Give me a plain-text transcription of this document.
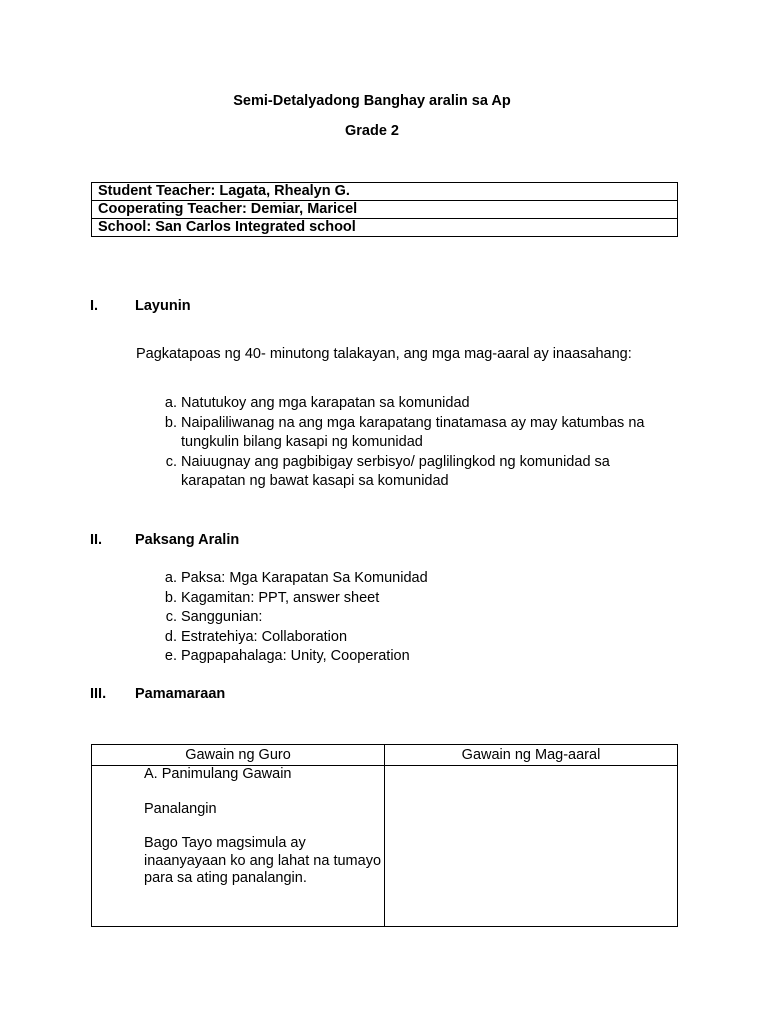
Semi-Detalyadong Banghay aralin sa Ap
Grade 2
Student Teacher: Lagata, Rhealyn G.
Cooperating Teacher: Demiar, Maricel
School: San Carlos Integrated school
I.	Layunin
Pagkatapoas ng 40- minutong talakayan, ang mga mag-aaral ay inaasahang:
a. Natutukoy ang mga karapatan sa komunidad
b. Naipaliliwanag na ang mga karapatang tinatamasa ay may katumbas na tungkulin bilang kasapi ng komunidad
c. Naiuugnay ang pagbibigay serbisyo/ paglilingkod ng komunidad sa karapatan ng bawat kasapi sa komunidad
II. Paksang Aralin
a. Paksa: Mga Karapatan Sa Komunidad
b. Kagamitan: PPT, answer sheet
c. Sanggunian:
d. Estratehiya: Collaboration
e. Pagpapahalaga: Unity, Cooperation
III. Pamamaraan
Gawain ng Guro	Gawain ng Mag-aaral

A. Panimulang Gawain

Panalangin

Bago Tayo magsimula ay inaanyayaan ko ang lahat na tumayo para sa ating panalangin.	
